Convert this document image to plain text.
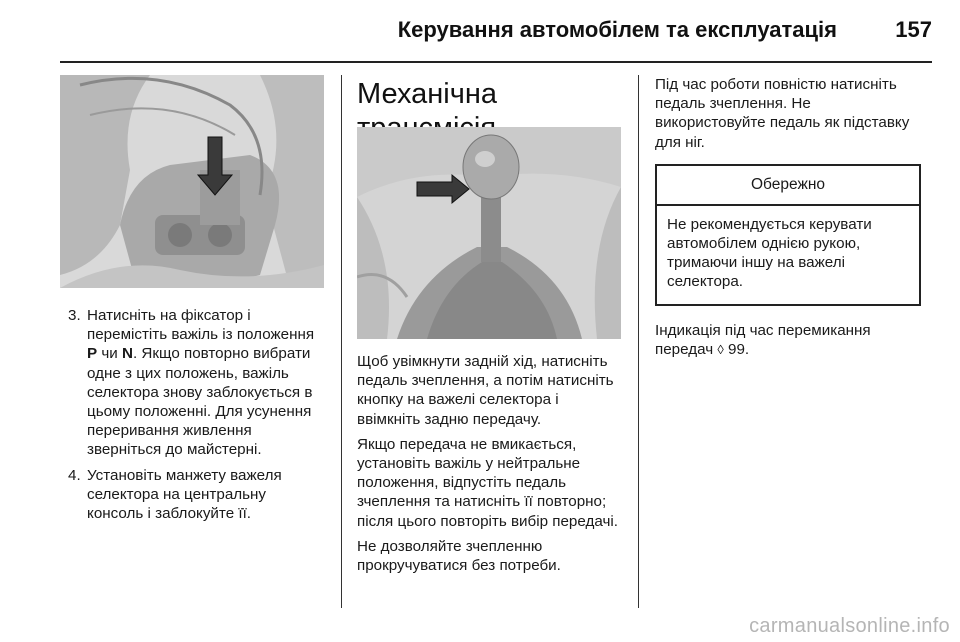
Керування автомобілем та експлуатація	157
3. Натисніть на фіксатор і перемістіть важіль із положення P чи N. Якщо повторно вибрати одне з цих положень, важіль селектора знову заблокується в цьому положенні. Для усунення переривання живлення зверніться до майстерні.
4. Установіть манжету важеля селектора на центральну консоль і заблокуйте її.
Механічна

Щоб увімкнути задній хід, натисніть педаль зчеплення, а потім натисніть кнопку на важелі селектора і ввімкніть задню передачу.

Якщо передача не вмикається, установіть важіль у нейтральне положення, відпустіть педаль зчеплення та натисніть її повторно; після цього повторіть вибір передачі.

Не дозволяйте зчепленню прокручуватися без потреби.

Під час роботи повністю натисніть педаль зчеплення. Не використовуйте педаль як підставку для ніг.

Обережно
Не рекомендується керувати автомобілем однією рукою, тримаючи іншу на важелі селектора.

Індикація під час перемикання передач ◊ 99.

carmanualsonline.info
